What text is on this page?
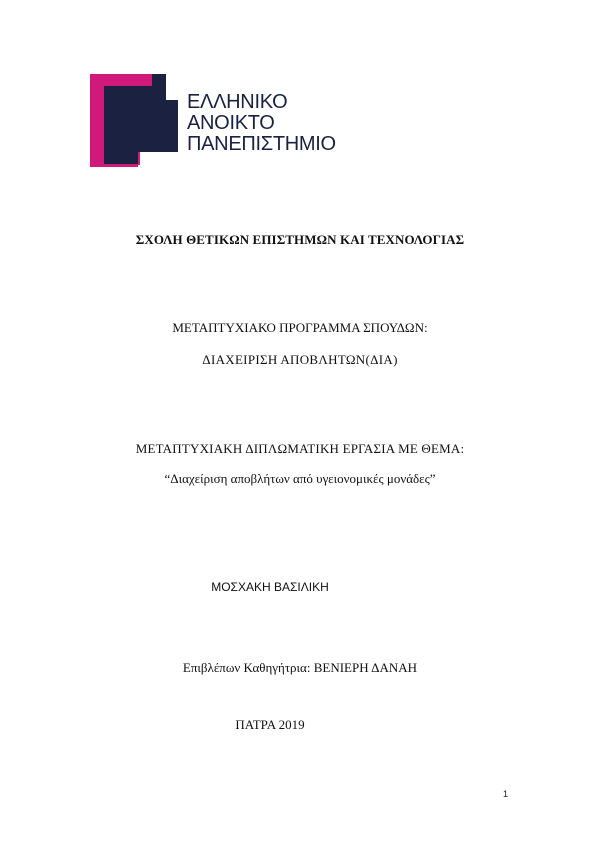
ΕΛΛΗΝΙΚΟ
ΑΝΟΙΚΤΟ
ΠΑΝΕΠΙΣΤΗΜΙΟ
ΣΧΟΛΗ ΘΕΤΙΚΩΝ ΕΠΙΣΤΗΜΩΝ ΚΑΙ ΤΕΧΝΟΛΟΓΙΑΣ
ΜΕΤΑΠΤΥΧΙΑΚΟ ΠΡΟΓΡΑΜΜΑ ΣΠΟΥΔΩΝ:
ΔΙΑΧΕΙΡΙΣΗ ΑΠΟΒΛΗΤΩΝ(ΔΙΑ)
ΜΕΤΑΠΤΥΧΙΑΚΗ ΔΙΠΛΩΜΑΤΙΚΗ ΕΡΓΑΣΙΑ ΜΕ ΘΕΜΑ:
“Διαχείριση αποβλήτων από υγειονομικές μονάδες”
ΜΟΣΧΑΚΗ ΒΑΣΙΛΙΚΗ
Επιβλέπων Καθηγήτρια: ΒΕΝΙΕΡΗ ΔΑΝΑΗ
ΠΑΤΡΑ 2019
1
